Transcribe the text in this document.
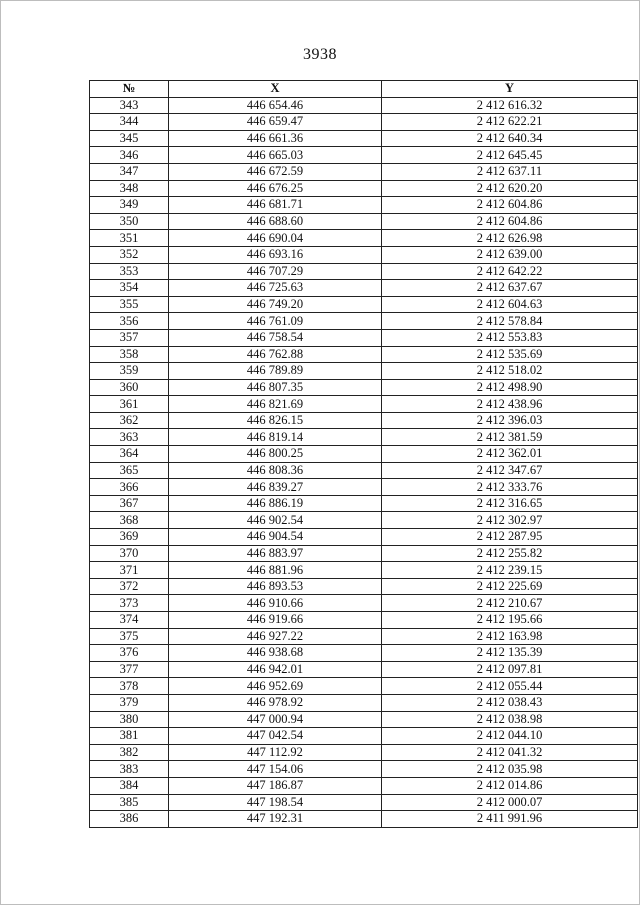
3938
№	X	Y
343	446 654.46	2 412 616.32
344	446 659.47	2 412 622.21
345	446 661.36	2 412 640.34
346	446 665.03	2 412 645.45
347	446 672.59	2 412 637.11
348	446 676.25	2 412 620.20
349	446 681.71	2 412 604.86
350	446 688.60	2 412 604.86
351	446 690.04	2 412 626.98
352	446 693.16	2 412 639.00
353	446 707.29	2 412 642.22
354	446 725.63	2 412 637.67
355	446 749.20	2 412 604.63
356	446 761.09	2 412 578.84
357	446 758.54	2 412 553.83
358	446 762.88	2 412 535.69
359	446 789.89	2 412 518.02
360	446 807.35	2 412 498.90
361	446 821.69	2 412 438.96
362	446 826.15	2 412 396.03
363	446 819.14	2 412 381.59
364	446 800.25	2 412 362.01
365	446 808.36	2 412 347.67
366	446 839.27	2 412 333.76
367	446 886.19	2 412 316.65
368	446 902.54	2 412 302.97
369	446 904.54	2 412 287.95
370	446 883.97	2 412 255.82
371	446 881.96	2 412 239.15
372	446 893.53	2 412 225.69
373	446 910.66	2 412 210.67
374	446 919.66	2 412 195.66
375	446 927.22	2 412 163.98
376	446 938.68	2 412 135.39
377	446 942.01	2 412 097.81
378	446 952.69	2 412 055.44
379	446 978.92	2 412 038.43
380	447 000.94	2 412 038.98
381	447 042.54	2 412 044.10
382	447 112.92	2 412 041.32
383	447 154.06	2 412 035.98
384	447 186.87	2 412 014.86
385	447 198.54	2 412 000.07
386	447 192.31	2 411 991.96
